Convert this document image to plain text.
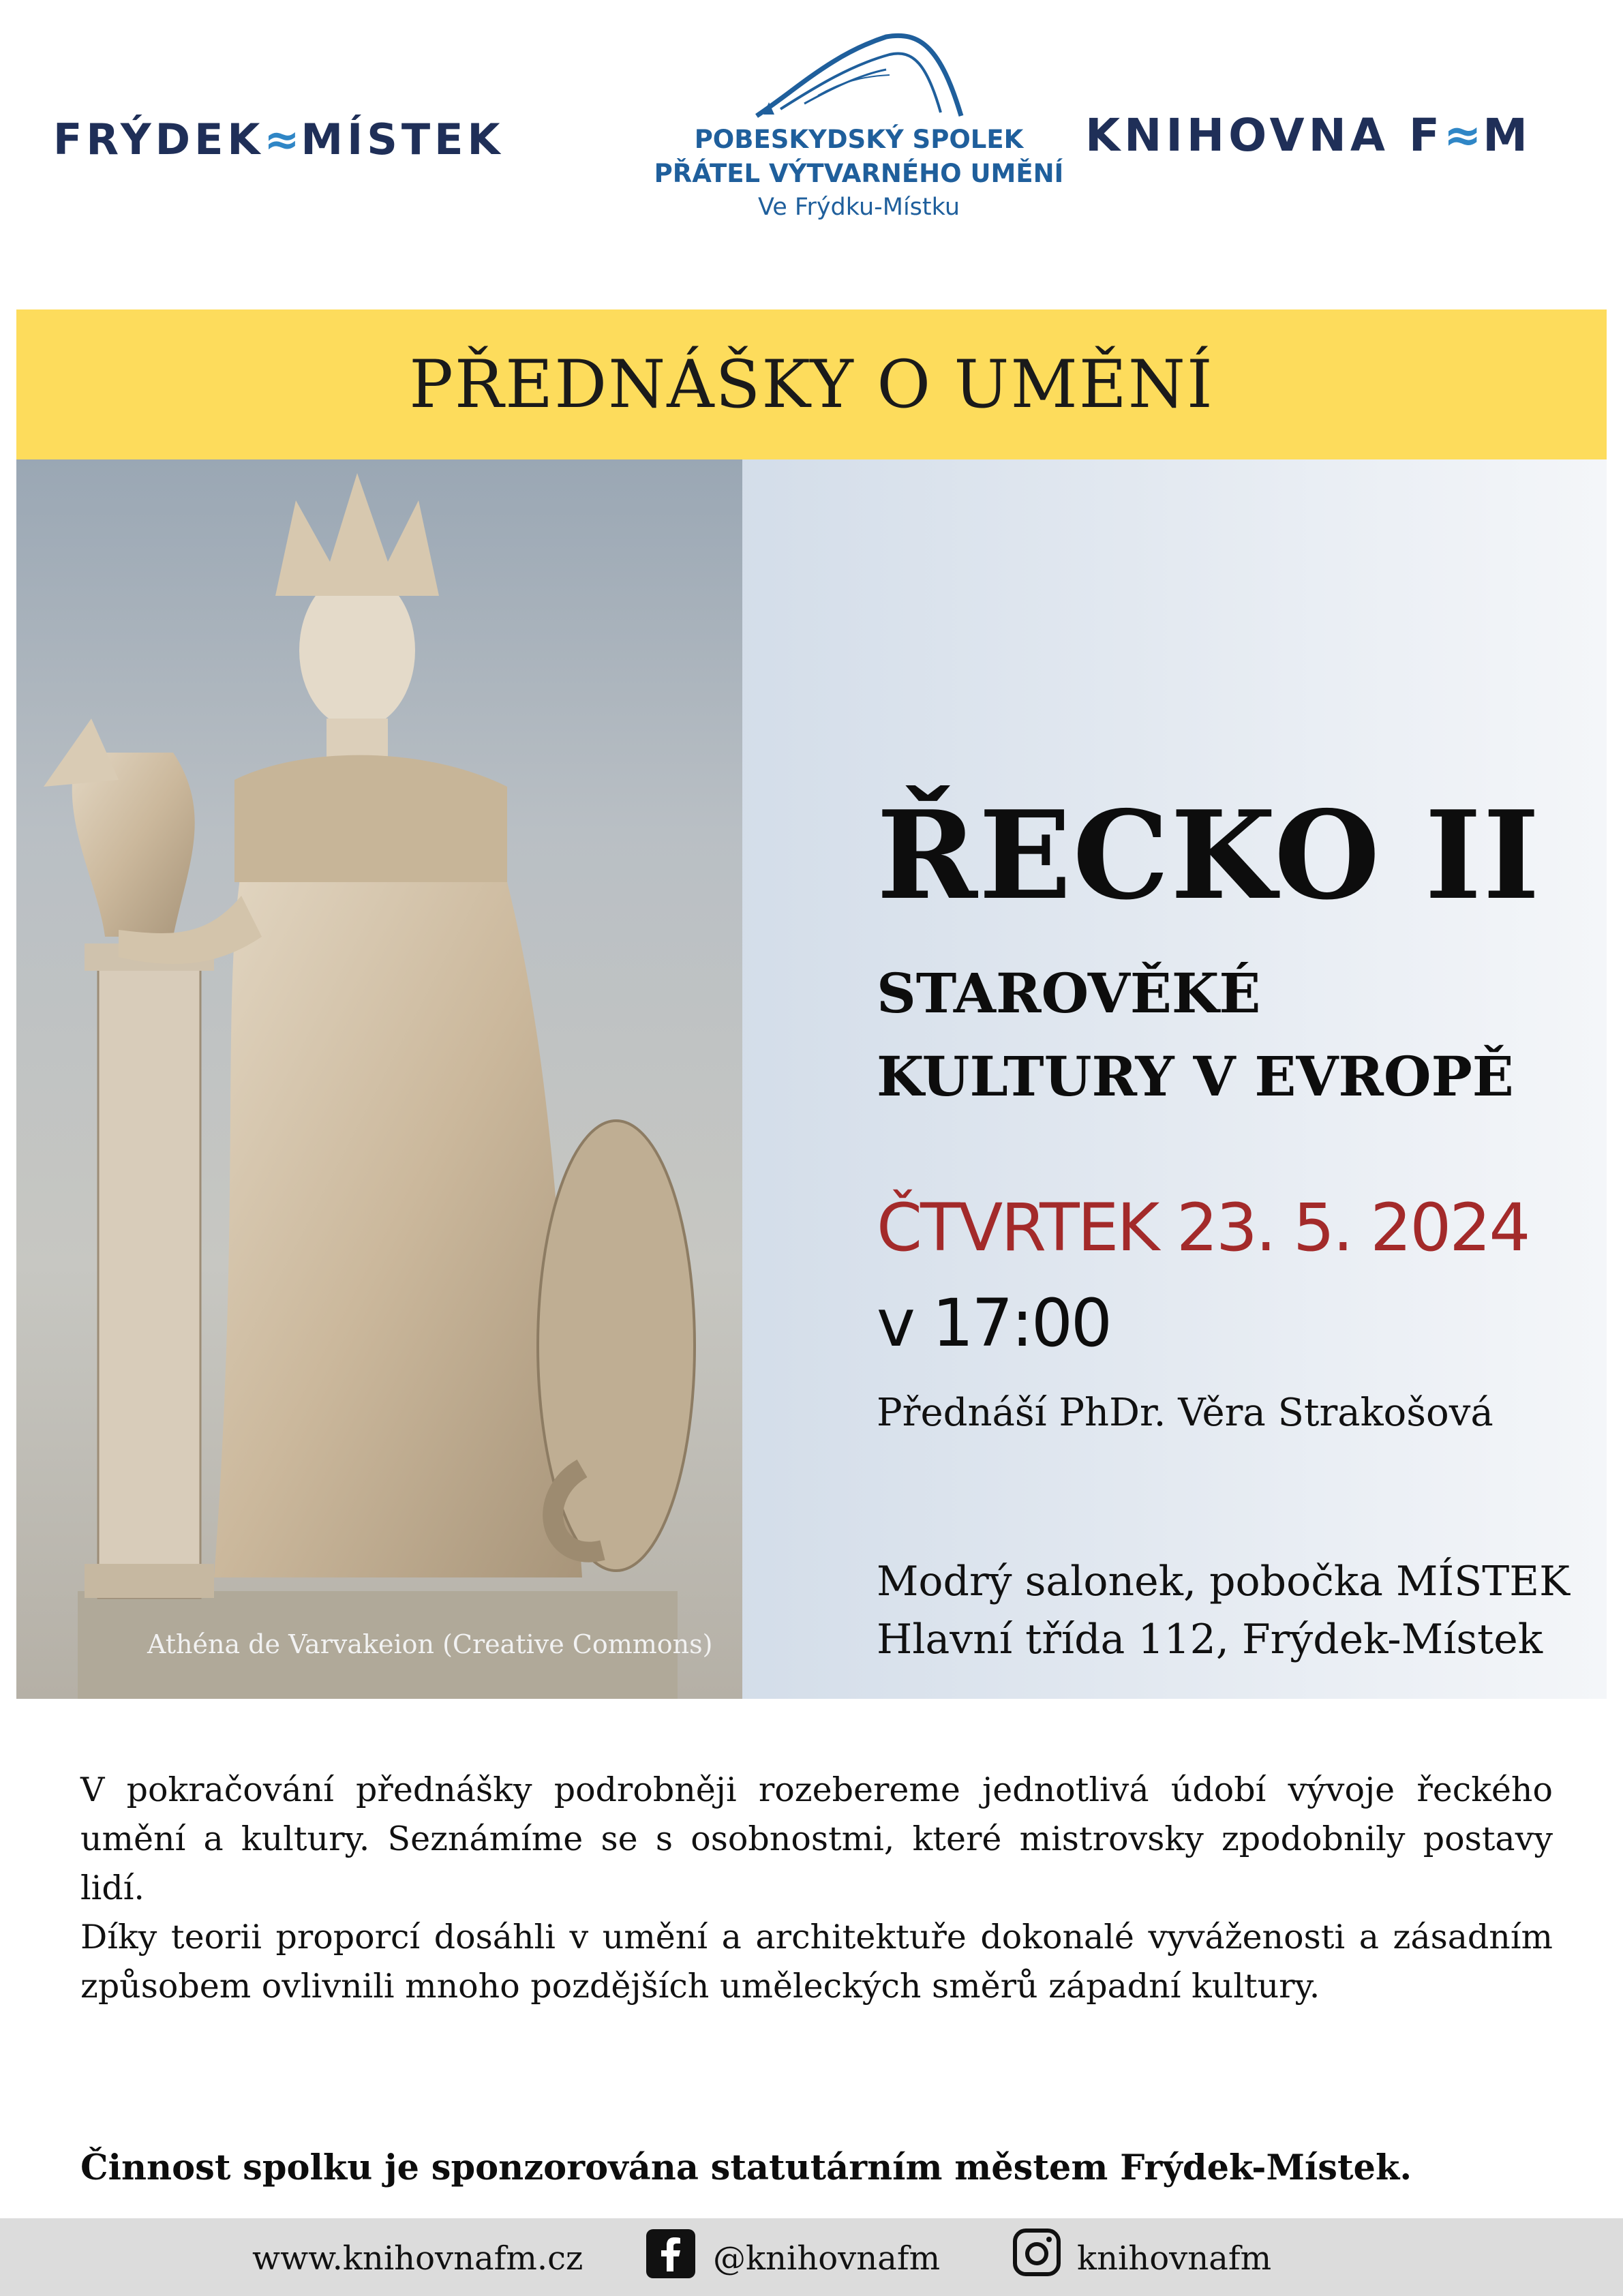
FRÝDEK≈MÍSTEK	POBESKYDSKÝ SPOLEK
PŘÁTEL VÝTVARNÉHO UMĚNÍ
Ve Frýdku-Místku
KNIHOVNA F≈M
PŘEDNÁŠKY O UMĚNÍ
Athéna de Varvakeion (Creative Commons)
ŘECKO II
STAROVĚKÉ
KULTURY V EVROPĚ
ČTVRTEK 23. 5. 2024
v 17:00
Přednáší PhDr. Věra Strakošová
Modrý salonek, pobočka MÍSTEK
Hlavní třída 112, Frýdek-Místek

V pokračování přednášky podrobněji rozebereme jednotlivá údobí vývoje řeckého umění a kultury. Seznámíme se s osobnostmi, které mistrovsky zpodobnily postavy lidí.

Díky teorii proporcí dosáhli v umění a architektuře dokonalé vyváženosti a zásadním způsobem ovlivnili mnoho pozdějších uměleckých směrů západní kultury.

Činnost spolku je sponzorována statutárním městem Frýdek-Místek.
www.knihovnafm.cz	@knihovnafm	knihovnafm
